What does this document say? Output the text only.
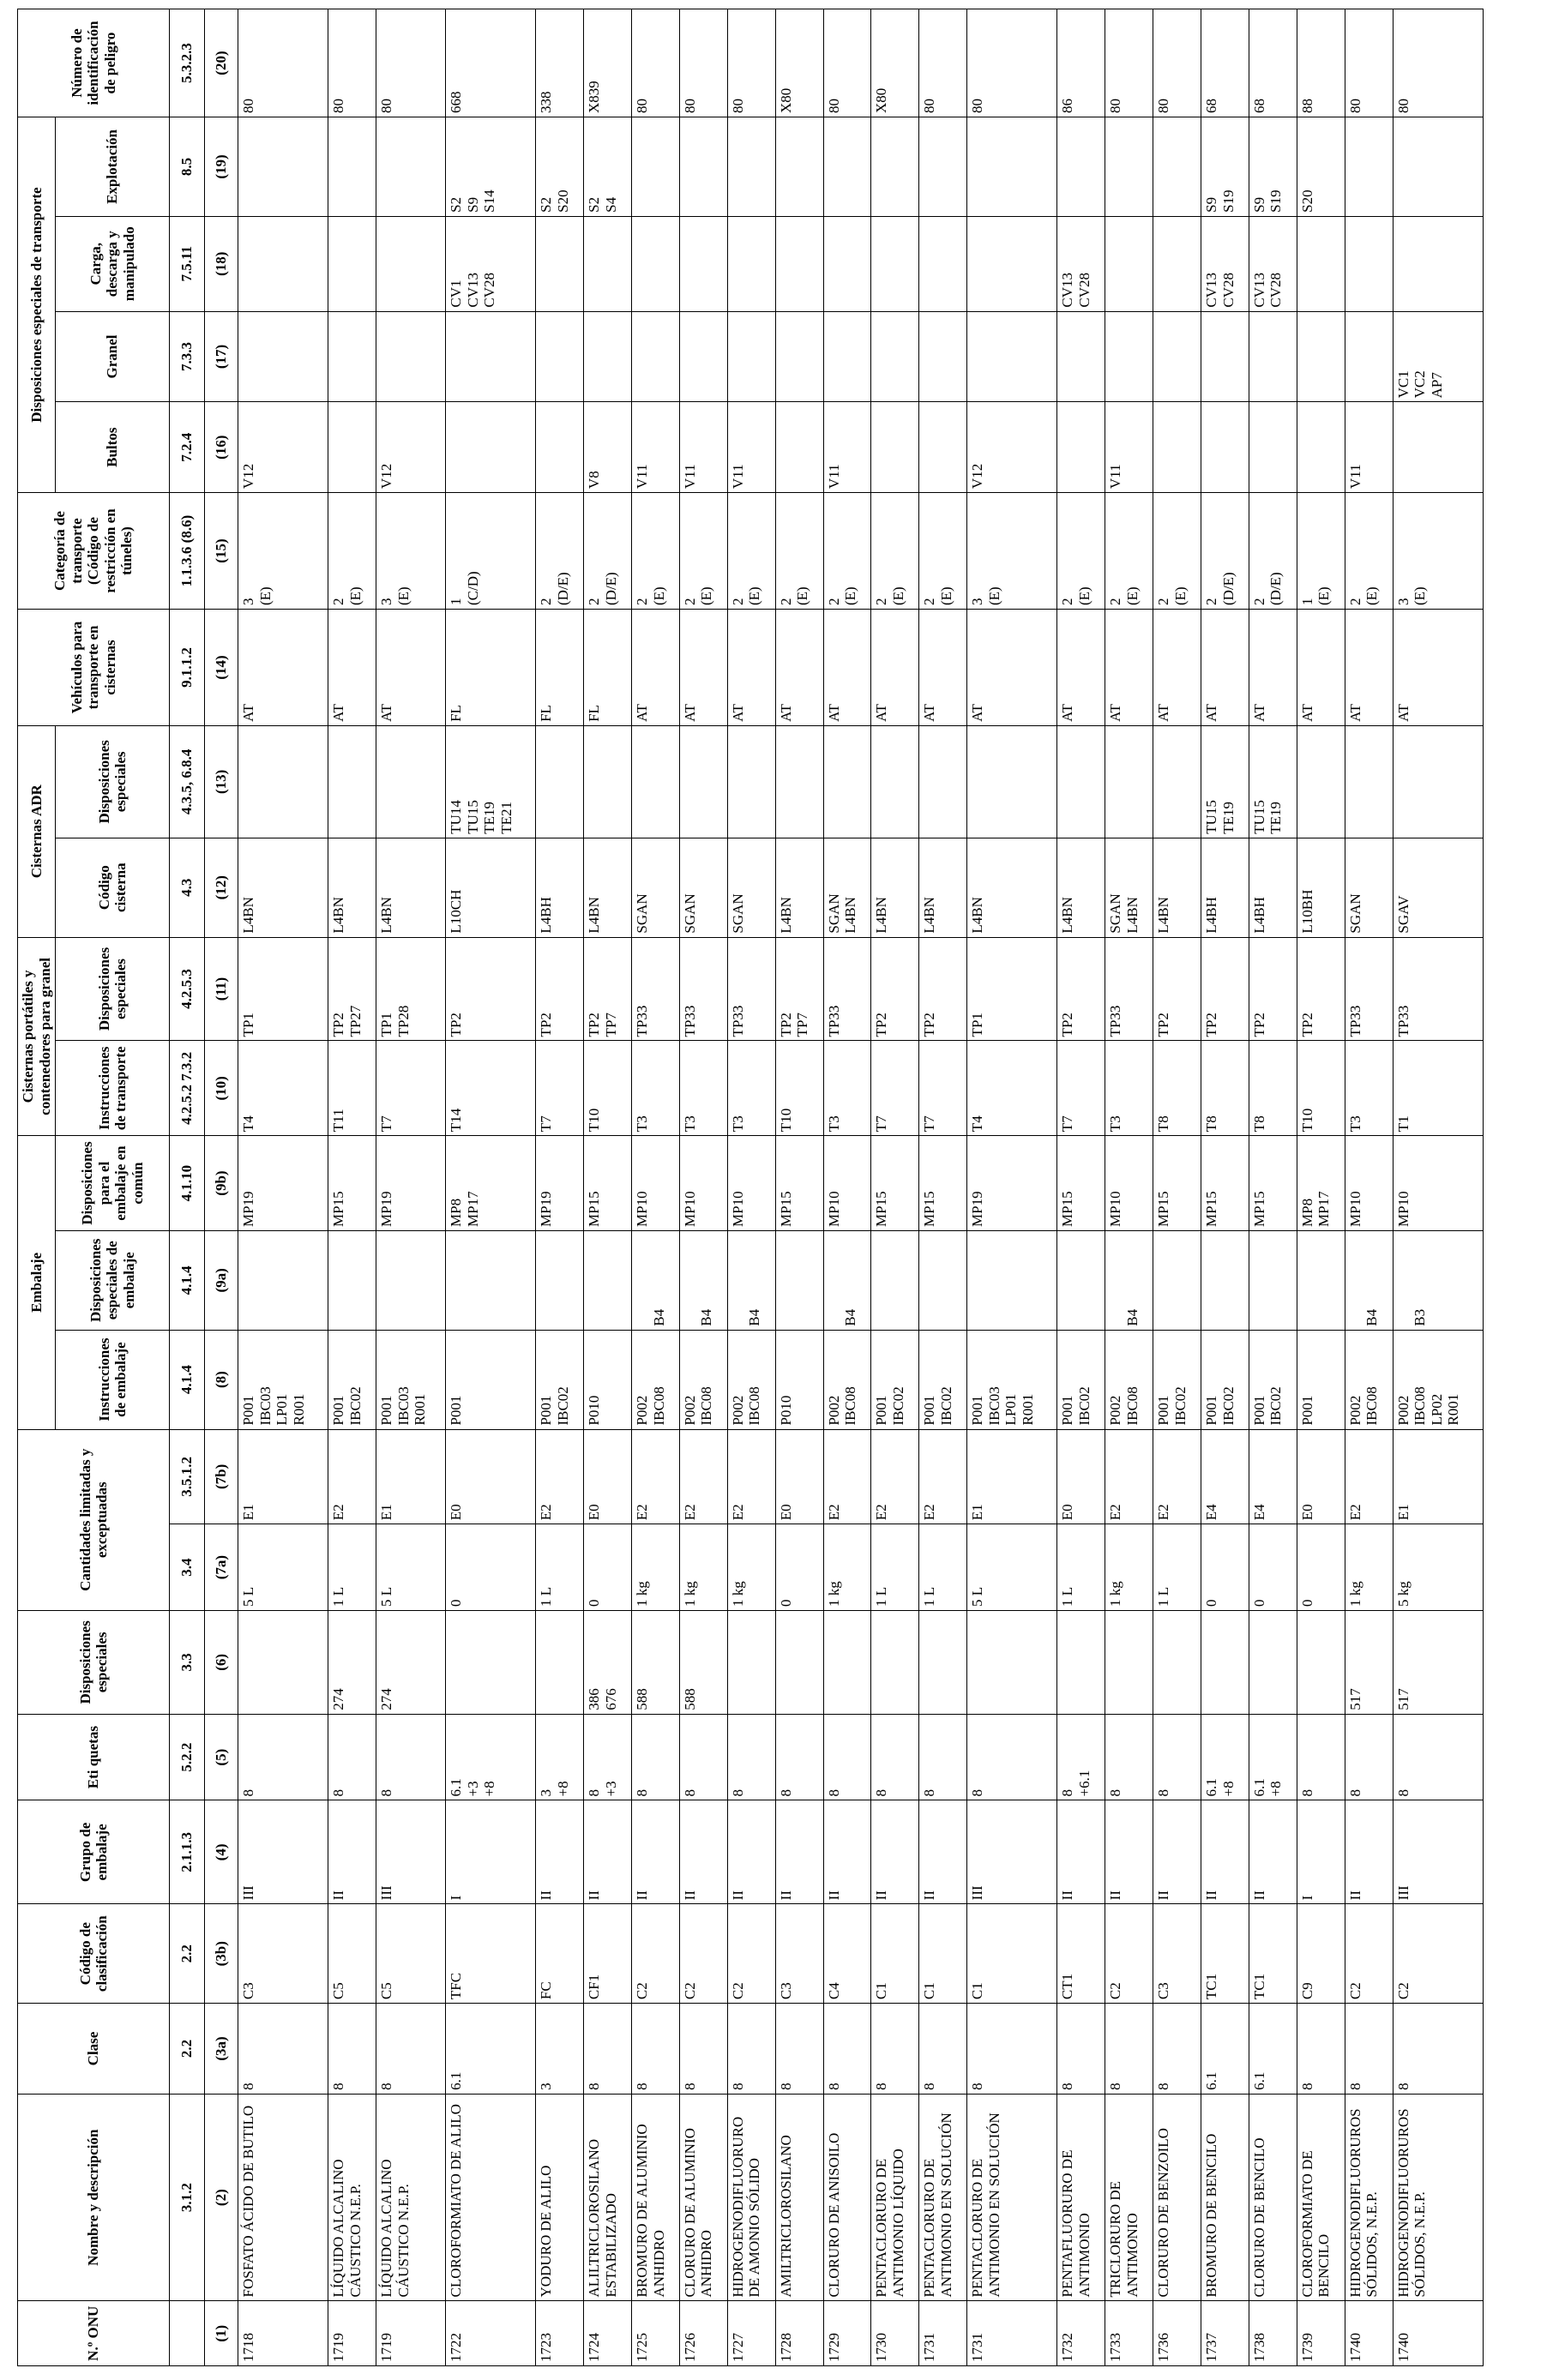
N.º ONU	Nombre y descripción	Clase	Código de clasificación	Grupo de embalaje	Eti quetas	Disposiciones especiales	Cantidades limitadas y exceptuadas		Embalaje			Cisternas portátiles y contenedores para granel		Cisternas ADR		Vehículos para transporte en cisternas	Categoría de transporte (Código de restricción en túneles)	Disposiciones especiales de transporte				Número de identificación de peligro
									Instrucciones de embalaje	Disposiciones especiales de embalaje	Disposiciones para el embalaje en común	Instrucciones de transporte	Disposiciones especiales	Código cisterna	Disposiciones especiales			Bultos	Granel	Carga, descarga y manipulado	Explotación	
	3.1.2	2.2	2.2	2.1.1.3	5.2.2	3.3	3.4	3.5.1.2	4.1.4	4.1.4	4.1.10	4.2.5.2 7.3.2	4.2.5.3	4.3	4.3.5, 6.8.4	9.1.1.2	1.1.3.6 (8.6)	7.2.4	7.3.3	7.5.11	8.5	5.3.2.3
(1)	(2)	(3a)	(3b)	(4)	(5)	(6)	(7a)	(7b)	(8)	(9a)	(9b)	(10)	(11)	(12)	(13)	(14)	(15)	(16)	(17)	(18)	(19)	(20)

1718	FOSFATO ÁCIDO DE BUTILO	8	C3	III	8		5 L	E1	P001 IBC03 LP01 R001		MP19	T4	TP1	L4BN		AT	3 (E)	V12				80

1719	LÍQUIDO ALCALINO CÁUSTICO N.E.P.	8	C5	II	8	274	1 L	E2	P001 IBC02		MP15	T11	TP2 TP27	L4BN		AT	2 (E)					80

1719	LÍQUIDO ALCALINO CÁUSTICO N.E.P.	8	C5	III	8	274	5 L	E1	P001 IBC03 R001		MP19	T7	TP1 TP28	L4BN		AT	3 (E)	V12				80

1722	CLOROFORMIATO DE ALILO	6.1	TFC	I	6.1 +3 +8		0	E0	P001		MP8 MP17	T14	TP2	L10CH	TU14 TU15 TE19 TE21	FL	1 (C/D)			CV1 CV13 CV28	S2 S9 S14	668

1723	YODURO DE ALILO	3	FC	II	3 +8		1 L	E2	P001 IBC02		MP19	T7	TP2	L4BH		FL	2 (D/E)				S2 S20	338

1724	ALILTRICLOROSILANO ESTABILIZADO	8	CF1	II	8 +3	386 676	0	E0	P010		MP15	T10	TP2 TP7	L4BN		FL	2 (D/E)	V8			S2 S4	X839

1725	BROMURO DE ALUMINIO ANHIDRO	8	C2	II	8	588	1 kg	E2	P002 IBC08	B4	MP10	T3	TP33	SGAN		AT	2 (E)	V11				80

1726	CLORURO DE ALUMINIO ANHIDRO	8	C2	II	8	588	1 kg	E2	P002 IBC08	B4	MP10	T3	TP33	SGAN		AT	2 (E)	V11				80

1727	HIDROGENODIFLUORURO DE AMONIO SÓLIDO	8	C2	II	8		1 kg	E2	P002 IBC08	B4	MP10	T3	TP33	SGAN		AT	2 (E)	V11				80

1728	AMILTRICLOROSILANO	8	C3	II	8		0	E0	P010		MP15	T10	TP2 TP7	L4BN		AT	2 (E)					X80

1729	CLORURO DE ANISOILO	8	C4	II	8		1 kg	E2	P002 IBC08	B4	MP10	T3	TP33	SGAN L4BN		AT	2 (E)	V11				80

1730	PENTACLORURO DE ANTIMONIO LÍQUIDO	8	C1	II	8		1 L	E2	P001 IBC02		MP15	T7	TP2	L4BN		AT	2 (E)					X80

1731	PENTACLORURO DE ANTIMONIO EN SOLUCIÓN	8	C1	II	8		1 L	E2	P001 IBC02		MP15	T7	TP2	L4BN		AT	2 (E)					80

1731	PENTACLORURO DE ANTIMONIO EN SOLUCIÓN	8	C1	III	8		5 L	E1	P001 IBC03 LP01 R001		MP19	T4	TP1	L4BN		AT	3 (E)	V12				80

1732	PENTAFLUORURO DE ANTIMONIO	8	CT1	II	8 +6.1		1 L	E0	P001 IBC02		MP15	T7	TP2	L4BN		AT	2 (E)			CV13 CV28		86

1733	TRICLORURO DE ANTIMONIO	8	C2	II	8		1 kg	E2	P002 IBC08	B4	MP10	T3	TP33	SGAN L4BN		AT	2 (E)	V11				80

1736	CLORURO DE BENZOILO	8	C3	II	8		1 L	E2	P001 IBC02		MP15	T8	TP2	L4BN		AT	2 (E)					80

1737	BROMURO DE BENCILO	6.1	TC1	II	6.1 +8		0	E4	P001 IBC02		MP15	T8	TP2	L4BH	TU15 TE19	AT	2 (D/E)			CV13 CV28	S9 S19	68

1738	CLORURO DE BENCILO	6.1	TC1	II	6.1 +8		0	E4	P001 IBC02		MP15	T8	TP2	L4BH	TU15 TE19	AT	2 (D/E)			CV13 CV28	S9 S19	68

1739	CLOROFORMIATO DE BENCILO	8	C9	I	8		0	E0	P001		MP8 MP17	T10	TP2	L10BH		AT	1 (E)				S20	88

1740	HIDROGENODIFLUORUROS SÓLIDOS, N.E.P.	8	C2	II	8	517	1 kg	E2	P002 IBC08	B4	MP10	T3	TP33	SGAN		AT	2 (E)	V11				80

1740	HIDROGENODIFLUORUROS SÓLIDOS, N.E.P.	8	C2	III	8	517	5 kg	E1	P002 IBC08 LP02 R001	B3	MP10	T1	TP33	SGAV		AT	3 (E)		VC1 VC2 AP7			80
